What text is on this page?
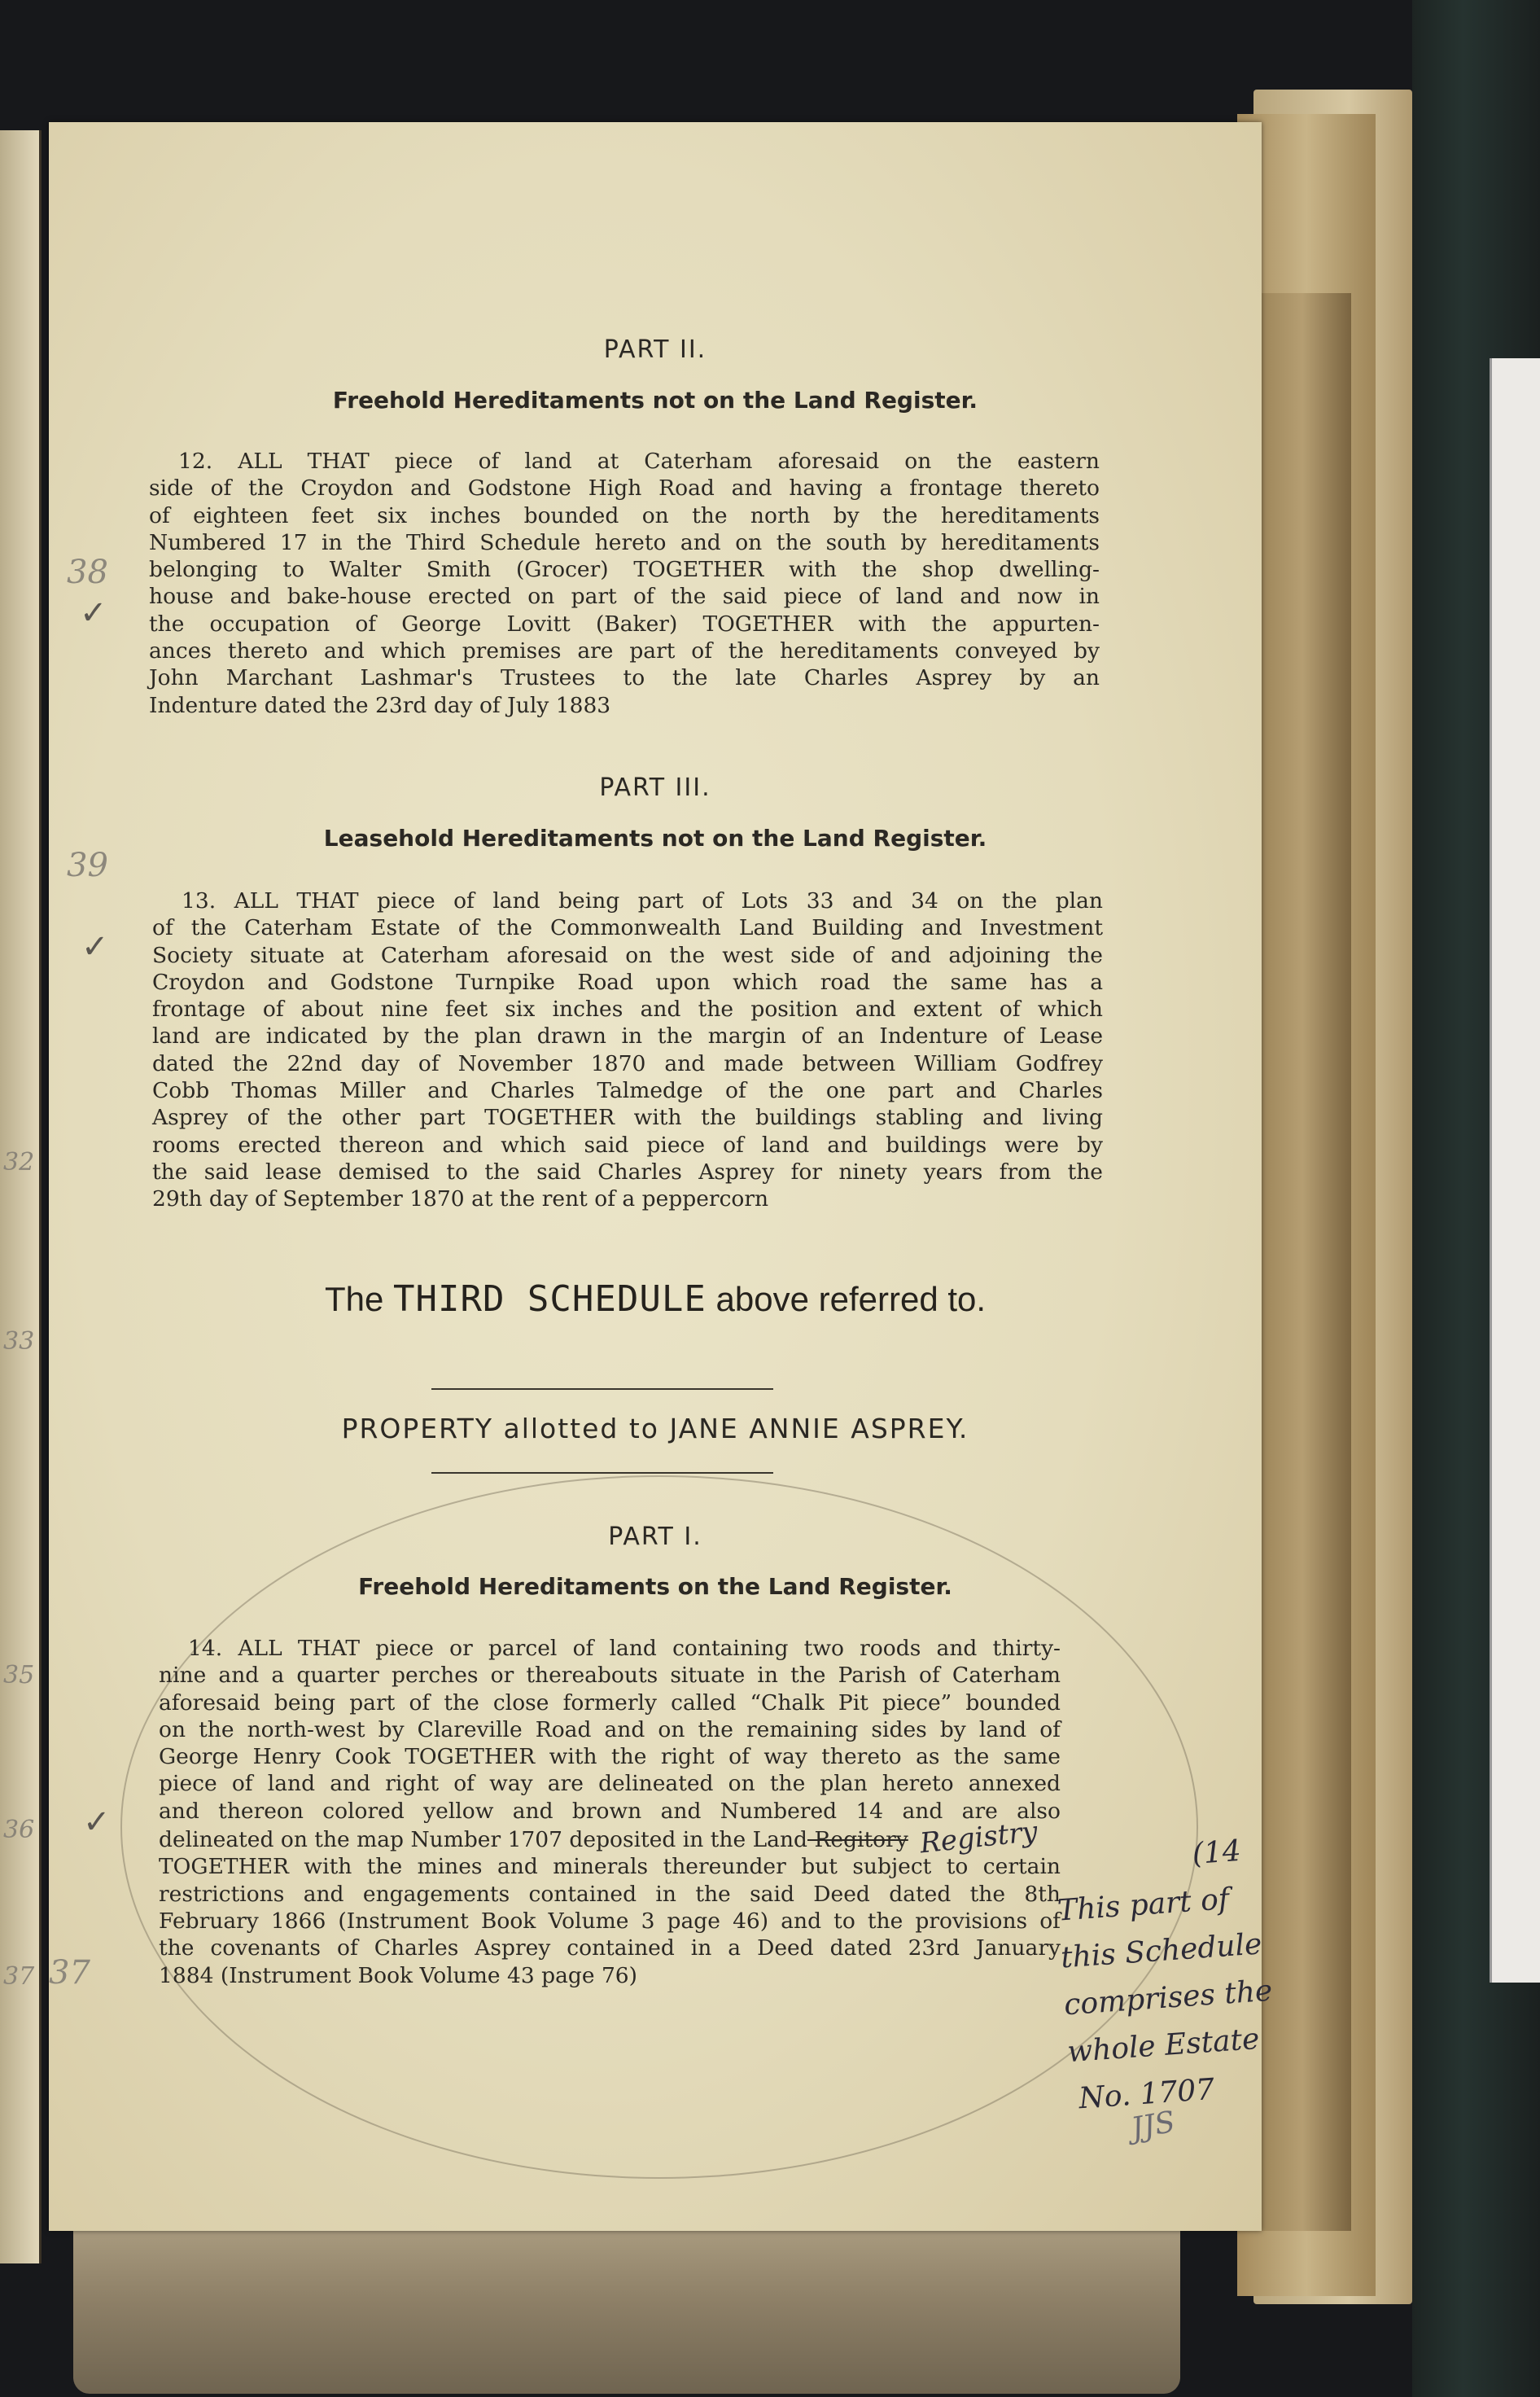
32
33
35
36
37
PART II.
Freehold Hereditaments not on the Land Register.
12. ALL THAT piece of land at Caterham aforesaid on the eastern
side of the Croydon and Godstone High Road and having a frontage thereto
of eighteen feet six inches bounded on the north by the hereditaments
Numbered 17 in the Third Schedule hereto and on the south by hereditaments
belonging to Walter Smith (Grocer) TOGETHER with the shop dwelling-
house and bake-house erected on part of the said piece of land and now in
the occupation of George Lovitt (Baker) TOGETHER with the appurten-
ances thereto and which premises are part of the hereditaments conveyed by
John Marchant Lashmar's Trustees to the late Charles Asprey by an
Indenture dated the 23rd day of July 1883
38
✓
PART III.
Leasehold Hereditaments not on the Land Register.
13. ALL THAT piece of land being part of Lots 33 and 34 on the plan
of the Caterham Estate of the Commonwealth Land Building and Investment
Society situate at Caterham aforesaid on the west side of and adjoining the
Croydon and Godstone Turnpike Road upon which road the same has a
frontage of about nine feet six inches and the position and extent of which
land are indicated by the plan drawn in the margin of an Indenture of Lease
dated the 22nd day of November 1870 and made between William Godfrey
Cobb Thomas Miller and Charles Talmedge of the one part and Charles
Asprey of the other part TOGETHER with the buildings stabling and living
rooms erected thereon and which said piece of land and buildings were by
the said lease demised to the said Charles Asprey for ninety years from the
29th day of September 1870 at the rent of a peppercorn
39
✓
The THIRD SCHEDULE above referred to.
PROPERTY allotted to JANE ANNIE ASPREY.
PART I.
Freehold Hereditaments on the Land Register.
14. ALL THAT piece or parcel of land containing two roods and thirty-
nine and a quarter perches or thereabouts situate in the Parish of Caterham
aforesaid being part of the close formerly called “Chalk Pit piece” bounded
on the north-west by Clareville Road and on the remaining sides by land of
George Henry Cook TOGETHER with the right of way thereto as the same
piece of land and right of way are delineated on the plan hereto annexed
and thereon colored yellow and brown and Numbered 14 and are also
delineated on the map Number 1707 deposited in the Land Regitory Registry
TOGETHER with the mines and minerals thereunder but subject to certain
restrictions and engagements contained in the said Deed dated the 8th
February 1866 (Instrument Book Volume 3 page 46) and to the provisions of
the covenants of Charles Asprey contained in a Deed dated 23rd January
1884 (Instrument Book Volume 43 page 76)
✓
37
(14
This part of
this Schedule
comprises the
whole Estate
No. 1707
JJS
